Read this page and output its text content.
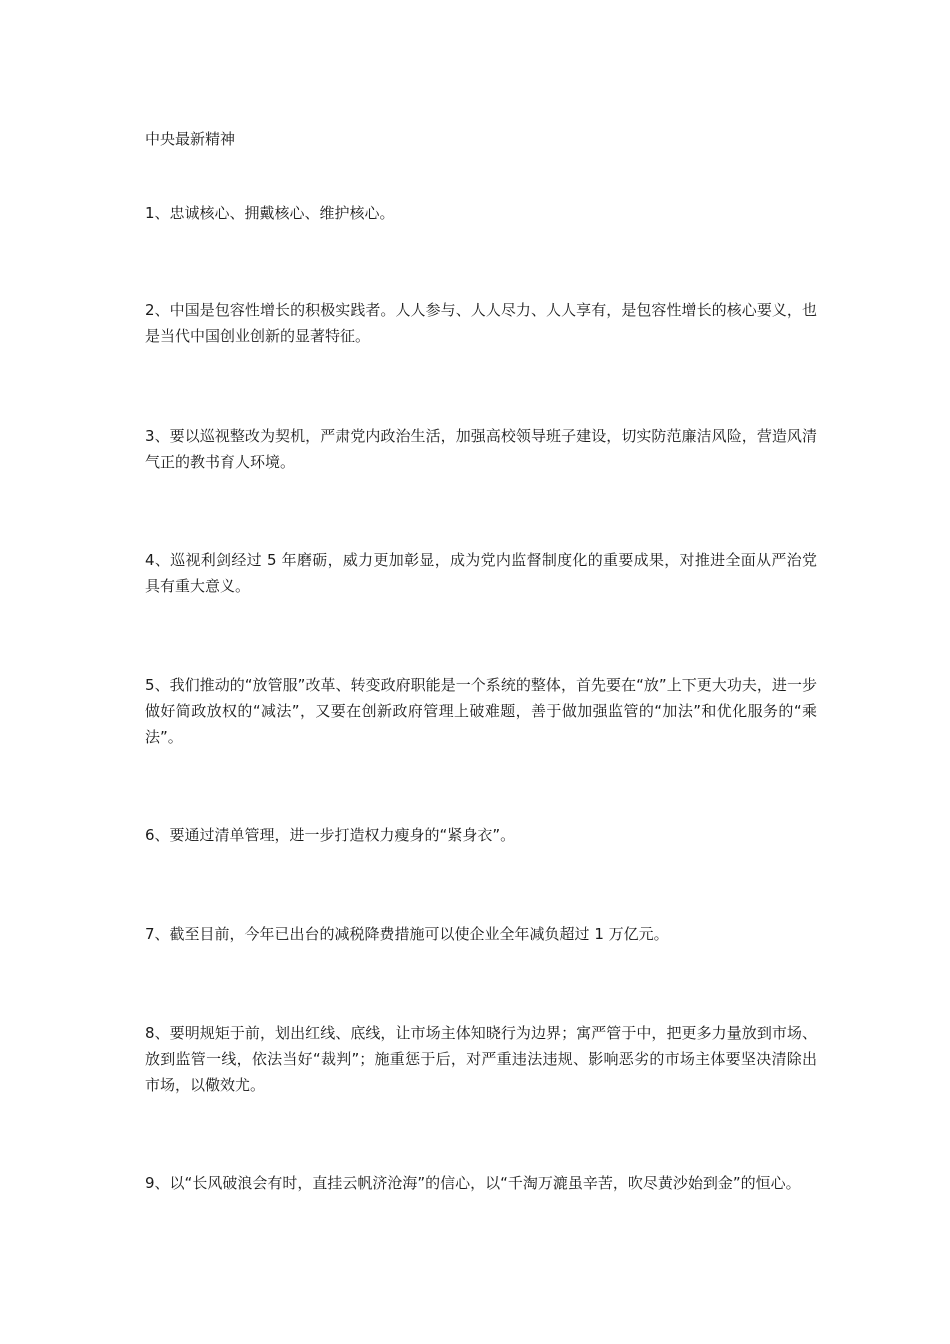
中央最新精神

1、忠诚核心、拥戴核心、维护核心。

2、中国是包容性增长的积极实践者。人人参与、人人尽力、人人享有，是包容性增长的核心要义，也是当代中国创业创新的显著特征。

3、要以巡视整改为契机，严肃党内政治生活，加强高校领导班子建设，切实防范廉洁风险，营造风清气正的教书育人环境。

4、巡视利剑经过 5 年磨砺，威力更加彰显，成为党内监督制度化的重要成果，对推进全面从严治党具有重大意义。

5、我们推动的“放管服”改革、转变政府职能是一个系统的整体，首先要在“放”上下更大功夫，进一步做好简政放权的“减法”，又要在创新政府管理上破难题，善于做加强监管的“加法”和优化服务的“乘法”。

6、要通过清单管理，进一步打造权力瘦身的“紧身衣”。

7、截至目前，今年已出台的减税降费措施可以使企业全年减负超过 1 万亿元。

8、要明规矩于前，划出红线、底线，让市场主体知晓行为边界；寓严管于中，把更多力量放到市场、放到监管一线，依法当好“裁判”；施重惩于后，对严重违法违规、影响恶劣的市场主体要坚决清除出市场，以儆效尤。

9、以“长风破浪会有时，直挂云帆济沧海”的信心，以“千淘万漉虽辛苦，吹尽黄沙始到金”的恒心。
